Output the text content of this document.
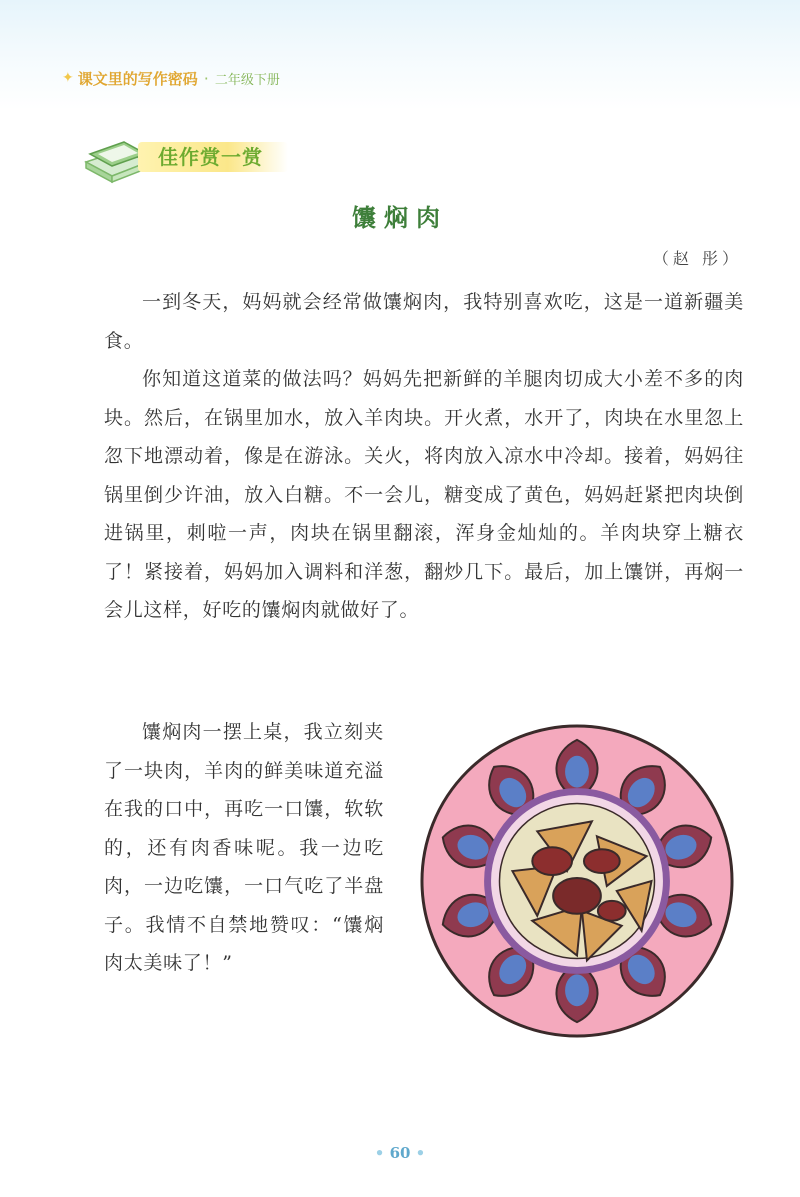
✦ 课文里的写作密码 · 二年级下册
佳作赏一赏
馕焖肉
（赵 彤）

一到冬天，妈妈就会经常做馕焖肉，我特别喜欢吃，这是一道新疆美食。

你知道这道菜的做法吗？妈妈先把新鲜的羊腿肉切成大小差不多的肉块。然后，在锅里加水，放入羊肉块。开火煮，水开了，肉块在水里忽上忽下地漂动着，像是在游泳。关火，将肉放入凉水中冷却。接着，妈妈往锅里倒少许油，放入白糖。不一会儿，糖变成了黄色，妈妈赶紧把肉块倒进锅里，刺啦一声，肉块在锅里翻滚，浑身金灿灿的。羊肉块穿上糖衣了！紧接着，妈妈加入调料和洋葱，翻炒几下。最后，加上馕饼，再焖一会儿这样，好吃的馕焖肉就做好了。

馕焖肉一摆上桌，我立刻夹了一块肉，羊肉的鲜美味道充溢在我的口中，再吃一口馕，软软的，还有肉香味呢。我一边吃肉，一边吃馕，一口气吃了半盘子。我情不自禁地赞叹：“馕焖肉太美味了！”

• 60 •
